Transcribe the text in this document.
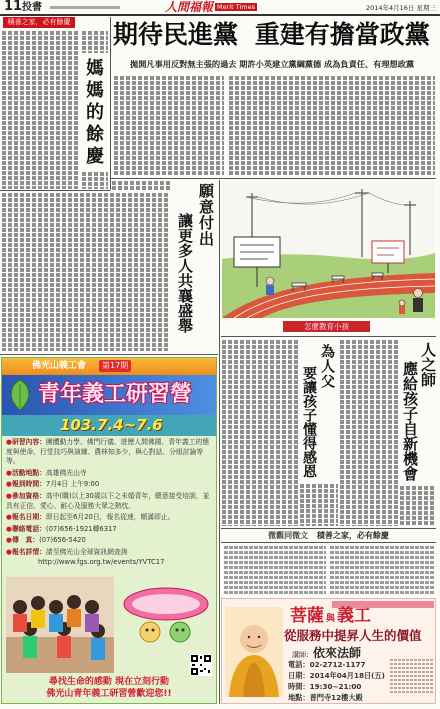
11 投書	人間福報 Merit Times	2014年4月16日 星期三
積善之家，必有餘慶 期待民進黨 重建有擔當政黨
拋開凡事用反對無主張的過去 期許小英建立黨綱黨德 成為負責任、有理想政黨
媽媽的餘慶
願意付出
讓更多人共襄盛舉	怎麼教育小孩
為人父
要讓孩子懂得感恩
人之師
應給孩子自新機會
微觀同微文 積善之家，必有餘慶
佛光山義工會	第17期
青年義工研習營
103.7.4~7.6
●研習內容：團體動力學、佛門行儀、遊歷人間佛國、青年義工的態度與使命、行堂技巧與演練、農林知多少，與心對話、分組討論等等。
●活動地點：高雄佛光山寺
●報到時間：7月4日 上午9:00
●參加資格：高中(職)以上30歲以下之未婚青年，願意接受培訓，並具有正信、愛心、耐心及服務大眾之熱忱。
●報名日期：即日起至6月20日，報名從速，額滿即止。
●聯絡電話：(07)656-1921轉6317
●傳　真：(07)656-5420
●報名詳情：請至佛光山全球資訊網查詢
http://www.fgs.org.tw/events/YVTC17
尋找生命的感動 現在立刻行動
佛光山青年義工研習營歡迎您!!
菩薩 與 義工
從服務中提昇人生的價值
講師：依來法師
電話：02-2712-1177
日期：2014年04月18日(五)
時間：19:30~21:00
地點：普門寺12樓大殿
